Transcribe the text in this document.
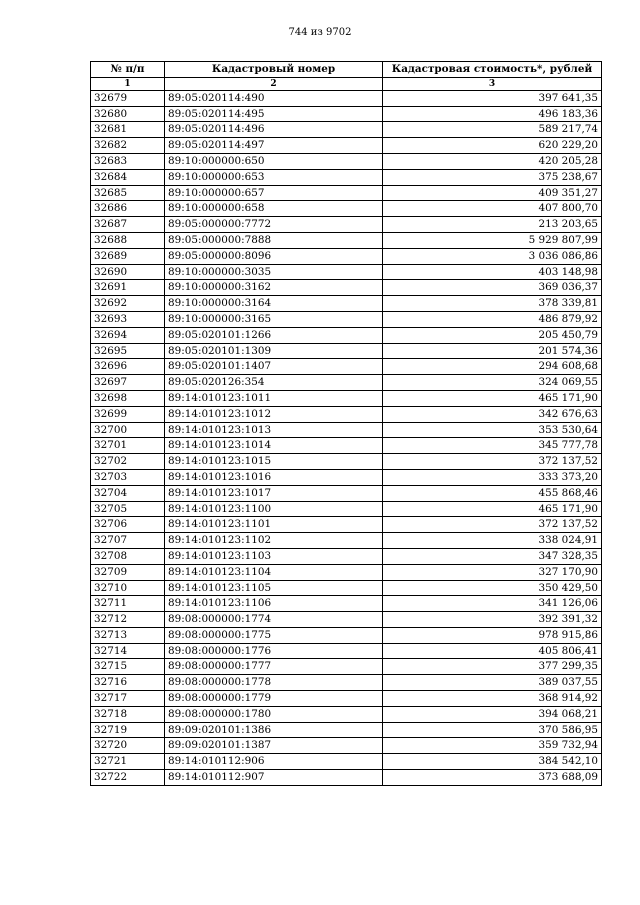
744 из 9702
№ п/п	Кадастровый номер	Кадастровая стоимость*, рублей
1	2	3
32679	89:05:020114:490	397 641,35
32680	89:05:020114:495	496 183,36
32681	89:05:020114:496	589 217,74
32682	89:05:020114:497	620 229,20
32683	89:10:000000:650	420 205,28
32684	89:10:000000:653	375 238,67
32685	89:10:000000:657	409 351,27
32686	89:10:000000:658	407 800,70
32687	89:05:000000:7772	213 203,65
32688	89:05:000000:7888	5 929 807,99
32689	89:05:000000:8096	3 036 086,86
32690	89:10:000000:3035	403 148,98
32691	89:10:000000:3162	369 036,37
32692	89:10:000000:3164	378 339,81
32693	89:10:000000:3165	486 879,92
32694	89:05:020101:1266	205 450,79
32695	89:05:020101:1309	201 574,36
32696	89:05:020101:1407	294 608,68
32697	89:05:020126:354	324 069,55
32698	89:14:010123:1011	465 171,90
32699	89:14:010123:1012	342 676,63
32700	89:14:010123:1013	353 530,64
32701	89:14:010123:1014	345 777,78
32702	89:14:010123:1015	372 137,52
32703	89:14:010123:1016	333 373,20
32704	89:14:010123:1017	455 868,46
32705	89:14:010123:1100	465 171,90
32706	89:14:010123:1101	372 137,52
32707	89:14:010123:1102	338 024,91
32708	89:14:010123:1103	347 328,35
32709	89:14:010123:1104	327 170,90
32710	89:14:010123:1105	350 429,50
32711	89:14:010123:1106	341 126,06
32712	89:08:000000:1774	392 391,32
32713	89:08:000000:1775	978 915,86
32714	89:08:000000:1776	405 806,41
32715	89:08:000000:1777	377 299,35
32716	89:08:000000:1778	389 037,55
32717	89:08:000000:1779	368 914,92
32718	89:08:000000:1780	394 068,21
32719	89:09:020101:1386	370 586,95
32720	89:09:020101:1387	359 732,94
32721	89:14:010112:906	384 542,10
32722	89:14:010112:907	373 688,09
